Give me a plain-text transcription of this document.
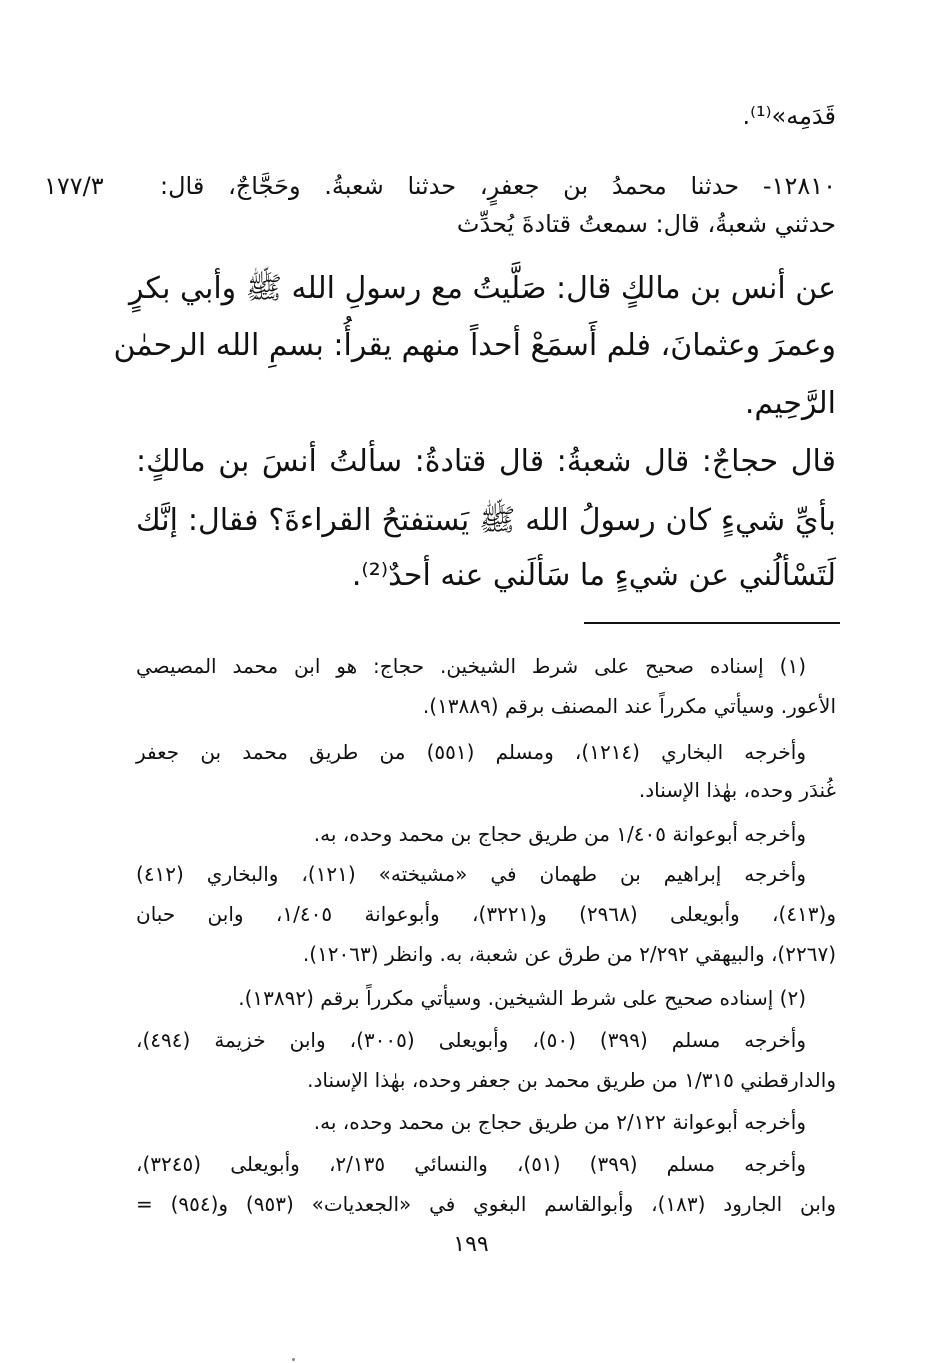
١٧٧/٣
قَدَمِه»⁽¹⁾.
١٢٨١٠- حدثنا محمدُ بن جعفرٍ، حدثنا شعبةُ. وحَجَّاجٌ، قال:
حدثني شعبةُ، قال: سمعتُ قتادةَ يُحدِّث
عن أنس بن مالكٍ قال: صَلَّيتُ مع رسولِ الله ﷺ وأبي بكرٍ
وعمرَ وعثمانَ، فلم أَسمَعْ أحداً منهم يقرأُ: بسمِ الله الرحمٰن
الرَّحِيم.
قال حجاجٌ: قال شعبةُ: قال قتادةُ: سألتُ أنسَ بن مالكٍ:
بأيِّ شيءٍ كان رسولُ الله ﷺ يَستفتحُ القراءةَ؟ فقال: إنَّك
لَتَسْألُني عن شيءٍ ما سَألَني عنه أحدٌ⁽²⁾.
(١) إسناده صحيح على شرط الشيخين. حجاج: هو ابن محمد المصيصي
الأعور. وسيأتي مكرراً عند المصنف برقم (١٣٨٨٩).
وأخرجه البخاري (١٢١٤)، ومسلم (٥٥١) من طريق محمد بن جعفر
غُندَر وحده، بهٰذا الإسناد.
وأخرجه أبوعوانة ١/٤٠٥ من طريق حجاج بن محمد وحده، به.
وأخرجه إبراهيم بن طهمان في «مشيخته» (١٢١)، والبخاري (٤١٢)
و(٤١٣)، وأبويعلى (٢٩٦٨) و(٣٢٢١)، وأبوعوانة ١/٤٠٥، وابن حبان
(٢٢٦٧)، والبيهقي ٢/٢٩٢ من طرق عن شعبة، به. وانظر (١٢٠٦٣).
(٢) إسناده صحيح على شرط الشيخين. وسيأتي مكرراً برقم (١٣٨٩٢).
وأخرجه مسلم (٣٩٩) (٥٠)، وأبويعلى (٣٠٠٥)، وابن خزيمة (٤٩٤)،
والدارقطني ١/٣١٥ من طريق محمد بن جعفر وحده، بهٰذا الإسناد.
وأخرجه أبوعوانة ٢/١٢٢ من طريق حجاج بن محمد وحده، به.
وأخرجه مسلم (٣٩٩) (٥١)، والنسائي ٢/١٣٥، وأبويعلى (٣٢٤٥)،
وابن الجارود (١٨٣)، وأبوالقاسم البغوي في «الجعديات» (٩٥٣) و(٩٥٤) =
١٩٩
